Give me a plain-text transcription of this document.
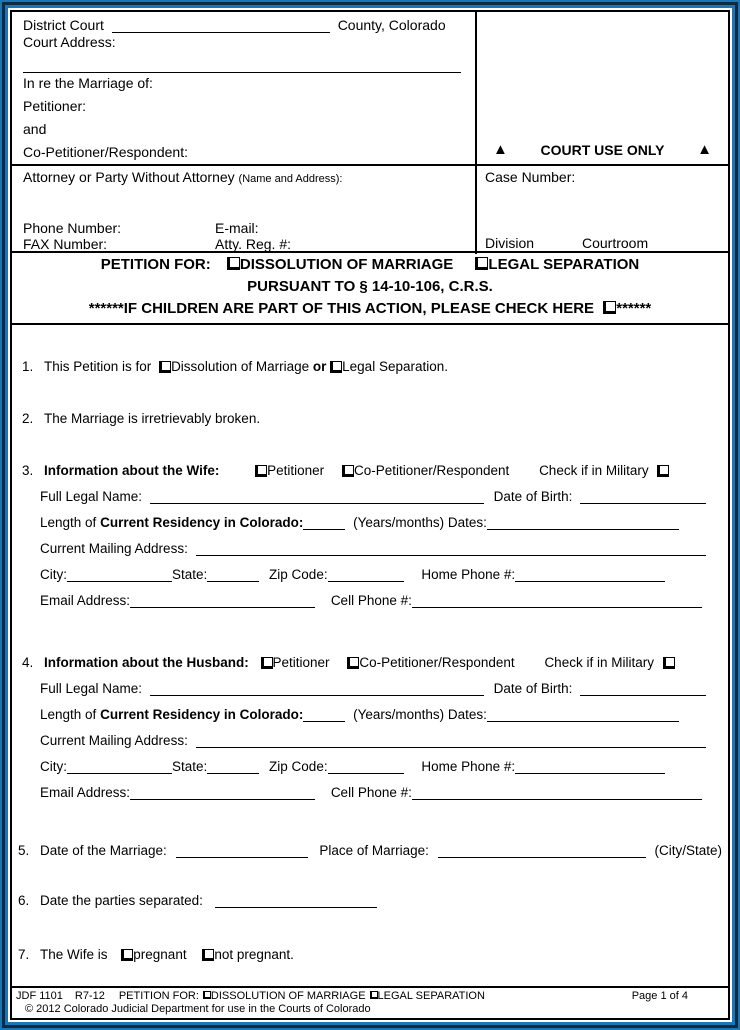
District Court	County, Colorado
Court Address:
In re the Marriage of:
Petitioner:
and
Co-Petitioner/Respondent:	▲ COURT USE ONLY ▲
Attorney or Party Without Attorney (Name and Address):
Phone Number:	E-mail:
FAX Number:	Atty. Reg. #:
Case Number:
Division	Courtroom
PETITION FOR: DISSOLUTION OF MARRIAGE LEGAL SEPARATION
PURSUANT TO § 14-10-106, C.R.S.
******IF CHILDREN ARE PART OF THIS ACTION, PLEASE CHECK HERE ******
1. This Petition is for Dissolution of Marriage or Legal Separation.
2. The Marriage is irretrievably broken.
3. Information about the Wife:	Petitioner Co-Petitioner/Respondent Check if in Military
Full Legal Name:	Date of Birth:
Length of Current Residency in Colorado:	(Years/months) Dates:
Current Mailing Address:
City:	State:	Zip Code:	Home Phone #:
Email Address:	Cell Phone #:
4. Information about the Husband: Petitioner Co-Petitioner/Respondent Check if in Military
Full Legal Name:	Date of Birth:
Length of Current Residency in Colorado:	(Years/months) Dates:
Current Mailing Address:
City:	State:	Zip Code:	Home Phone #:
Email Address:	Cell Phone #:
5. Date of the Marriage:	Place of Marriage:	(City/State)
6. Date the parties separated:
7. The Wife is pregnant not pregnant.
JDF 1101 R7-12 PETITION FOR: DISSOLUTION OF MARRIAGE LEGAL SEPARATION	Page 1 of 4
© 2012 Colorado Judicial Department for use in the Courts of Colorado
